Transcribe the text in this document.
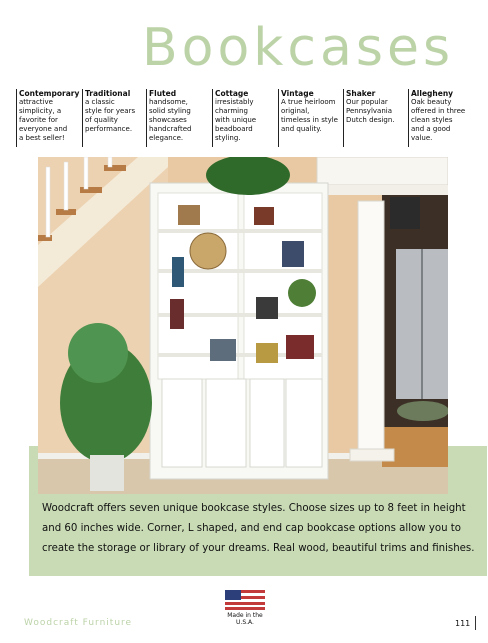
Bookcases
Contemporary
attractive
simplicity, a
favorite for
everyone and
a best seller!
Traditional
a classic
style for years
of quality
performance.
Fluted
handsome,
solid styling
showcases
handcrafted
elegance.
Cottage
irresistably
charming
with unique
beadboard
styling.
Vintage
A true heirloom
original,
timeless in style
and quality.
Shaker
Our popular
Pennsylvania
Dutch design.
Allegheny
Oak beauty
offered in three
clean styles
and a good
value.
Woodcraft offers seven unique bookcase styles. Choose sizes up to 8 feet in height and 60 inches wide. Corner, L shaped, and end cap bookcase options allow you to create the storage or library of your dreams. Real wood, beautiful trims and finishes.
Woodcraft Furniture
Made in the
U.S.A.	111
